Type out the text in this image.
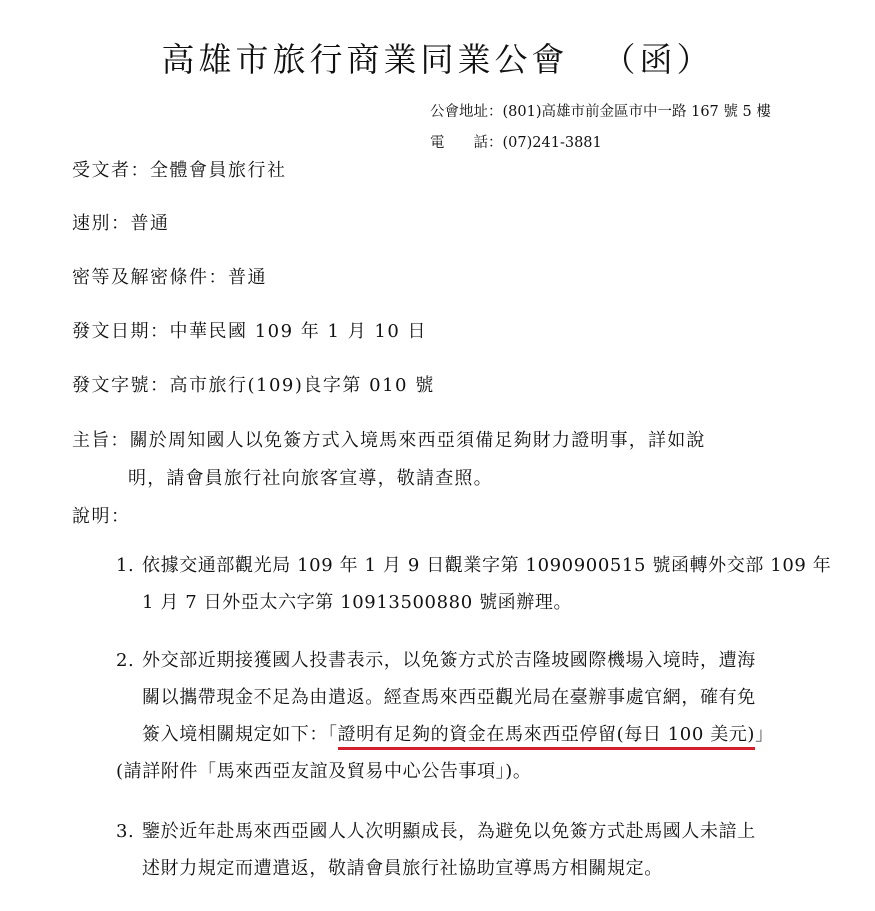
高雄市旅行商業同業公會 （函）
公會地址：(801)高雄市前金區市中一路 167 號 5 樓
電　　話：(07)241-3881
受文者：全體會員旅行社
速別：普通
密等及解密條件：普通
發文日期：中華民國 109 年 1 月 10 日
發文字號：高市旅行(109)良字第 010 號
主旨：關於周知國人以免簽方式入境馬來西亞須備足夠財力證明事，詳如說
明，請會員旅行社向旅客宣導，敬請查照。
說明：
1. 依據交通部觀光局 109 年 1 月 9 日觀業字第 1090900515 號函轉外交部 109 年
1 月 7 日外亞太六字第 10913500880 號函辦理。
2. 外交部近期接獲國人投書表示，以免簽方式於吉隆坡國際機場入境時，遭海
關以攜帶現金不足為由遣返。經查馬來西亞觀光局在臺辦事處官網，確有免
簽入境相關規定如下：「證明有足夠的資金在馬來西亞停留(每日 100 美元)」
(請詳附件「馬來西亞友誼及貿易中心公告事項」)。
3. 鑒於近年赴馬來西亞國人人次明顯成長，為避免以免簽方式赴馬國人未諳上
述財力規定而遭遣返，敬請會員旅行社協助宣導馬方相關規定。
